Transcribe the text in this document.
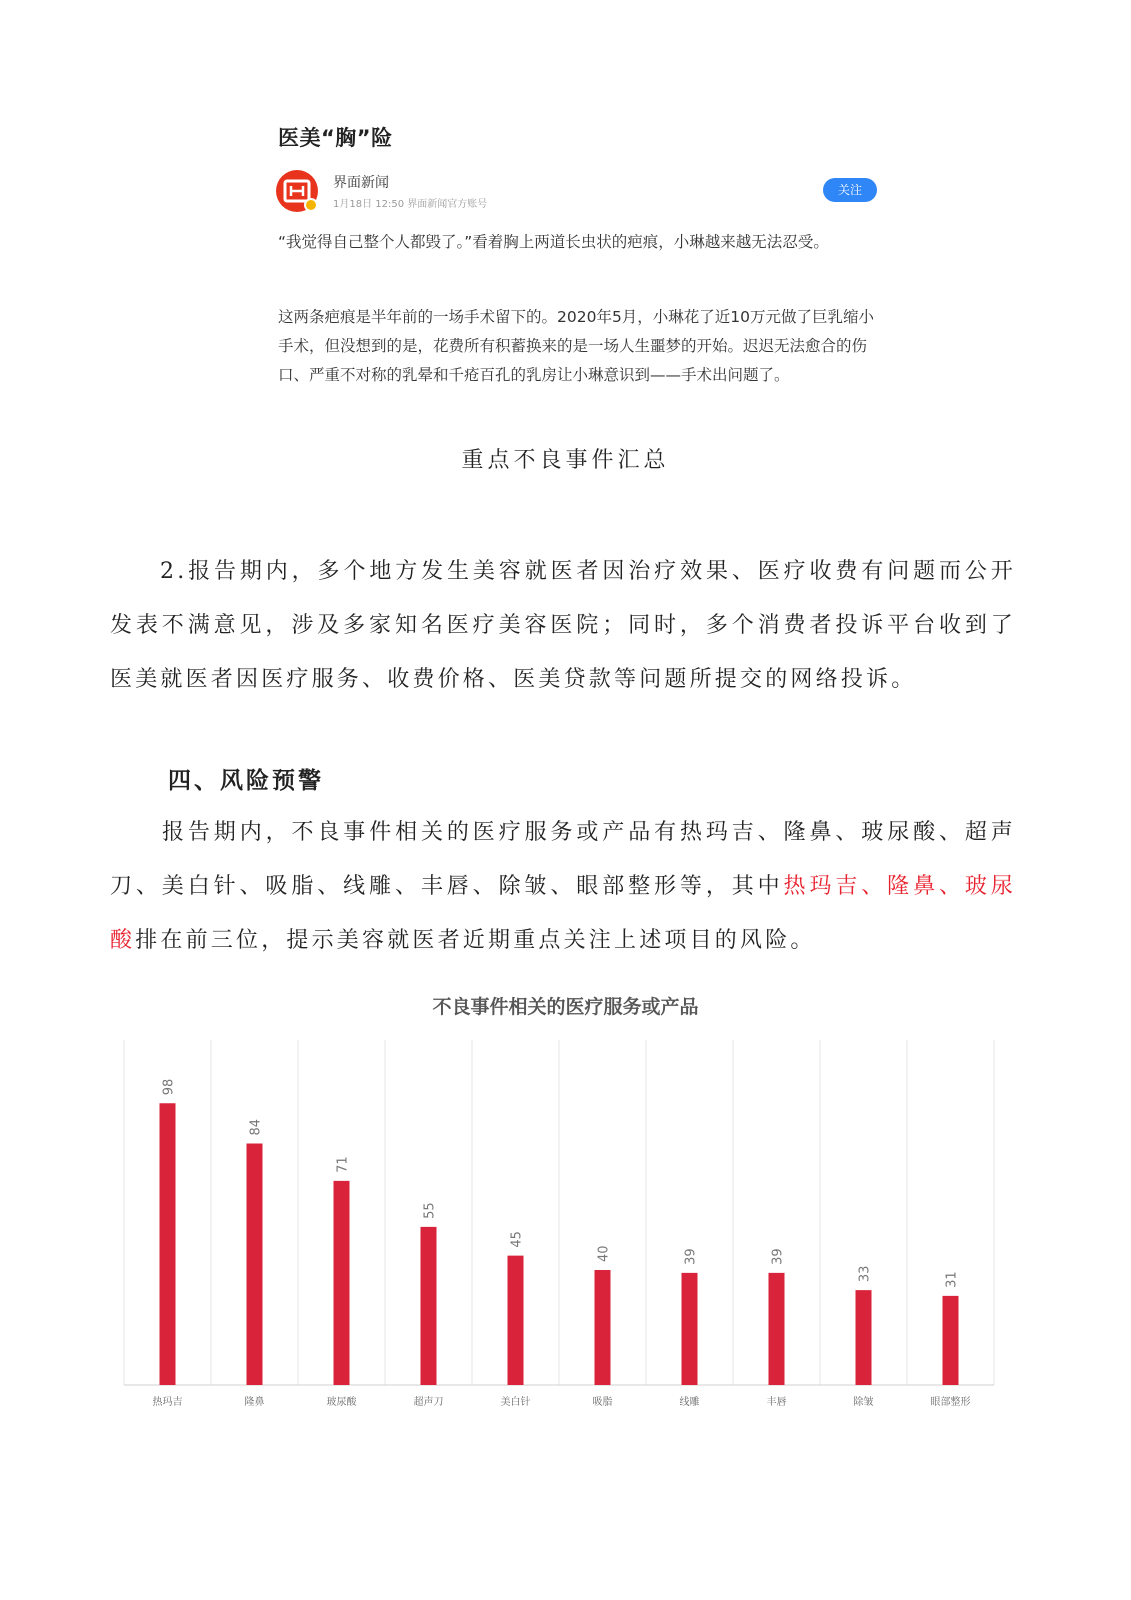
医美“胸”险
界面新闻
1月18日 12:50 界面新闻官方账号
关注

“我觉得自己整个人都毁了。”看着胸上两道长虫状的疤痕，小琳越来越无法忍受。

这两条疤痕是半年前的一场手术留下的。2020年5月，小琳花了近10万元做了巨乳缩小手术，但没想到的是，花费所有积蓄换来的是一场人生噩梦的开始。迟迟无法愈合的伤口、严重不对称的乳晕和千疮百孔的乳房让小琳意识到——手术出问题了。

重点不良事件汇总

2.报告期内，多个地方发生美容就医者因治疗效果、医疗收费有问题而公开发表不满意见，涉及多家知名医疗美容医院；同时，多个消费者投诉平台收到了医美就医者因医疗服务、收费价格、医美贷款等问题所提交的网络投诉。

四、风险预警

报告期内，不良事件相关的医疗服务或产品有热玛吉、隆鼻、玻尿酸、超声刀、美白针、吸脂、线雕、丰唇、除皱、眼部整形等，其中热玛吉、隆鼻、玻尿酸排在前三位，提示美容就医者近期重点关注上述项目的风险。

不良事件相关的医疗服务或产品
98
热玛吉
84
隆鼻
71
玻尿酸
55
超声刀
45
美白针
40
吸脂
39
线雕
39
丰唇
33
除皱
31
眼部整形
